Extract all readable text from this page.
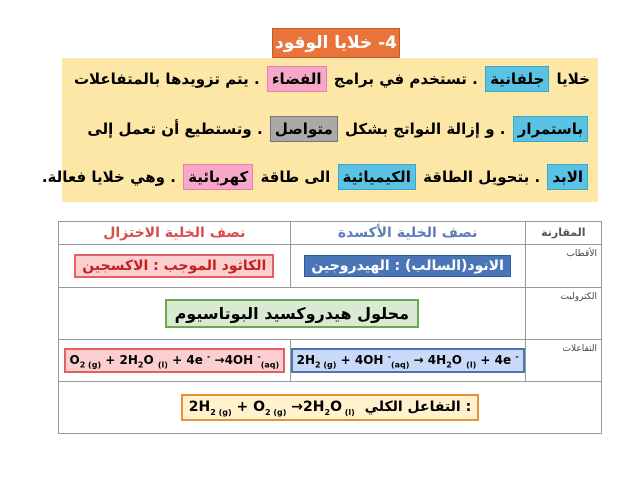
4- خلايا الوقود
خلايا جلفانية . تستخدم في برامج الفضاء . يتم تزويدها بالمتفاعلات
باستمرار . و إزالة النواتج بشكل متواصل . وتستطيع أن تعمل إلى
الابد . بتحويل الطاقة الكيميائية الى طاقة كهربائية . وهي خلايا فعالة.
نصف الخلية الاختزال	نصف الخلية الأكسدة	المقارنة
الكاثود الموجب : الاكسجين	الانود(السالب) : الهيدروجين	الأقطاب
محلول هيدروكسيد البوتاسيوم		الكترولبت
$O_{2 (g)} + 2H_2O$ $_{(l)}$ + 4e - →4OH -$_{(aq)}$	$2H_{2 (g)} + 4OH$ $^-_{(aq)} \to 4H_2O$ $_{(l)}$ + 4e -	التفاعلات
$2H_{2 (g)} + O_{2 (g)} \to 2H_2O$ $_{(l)}$ التفاعل الكلي :		
